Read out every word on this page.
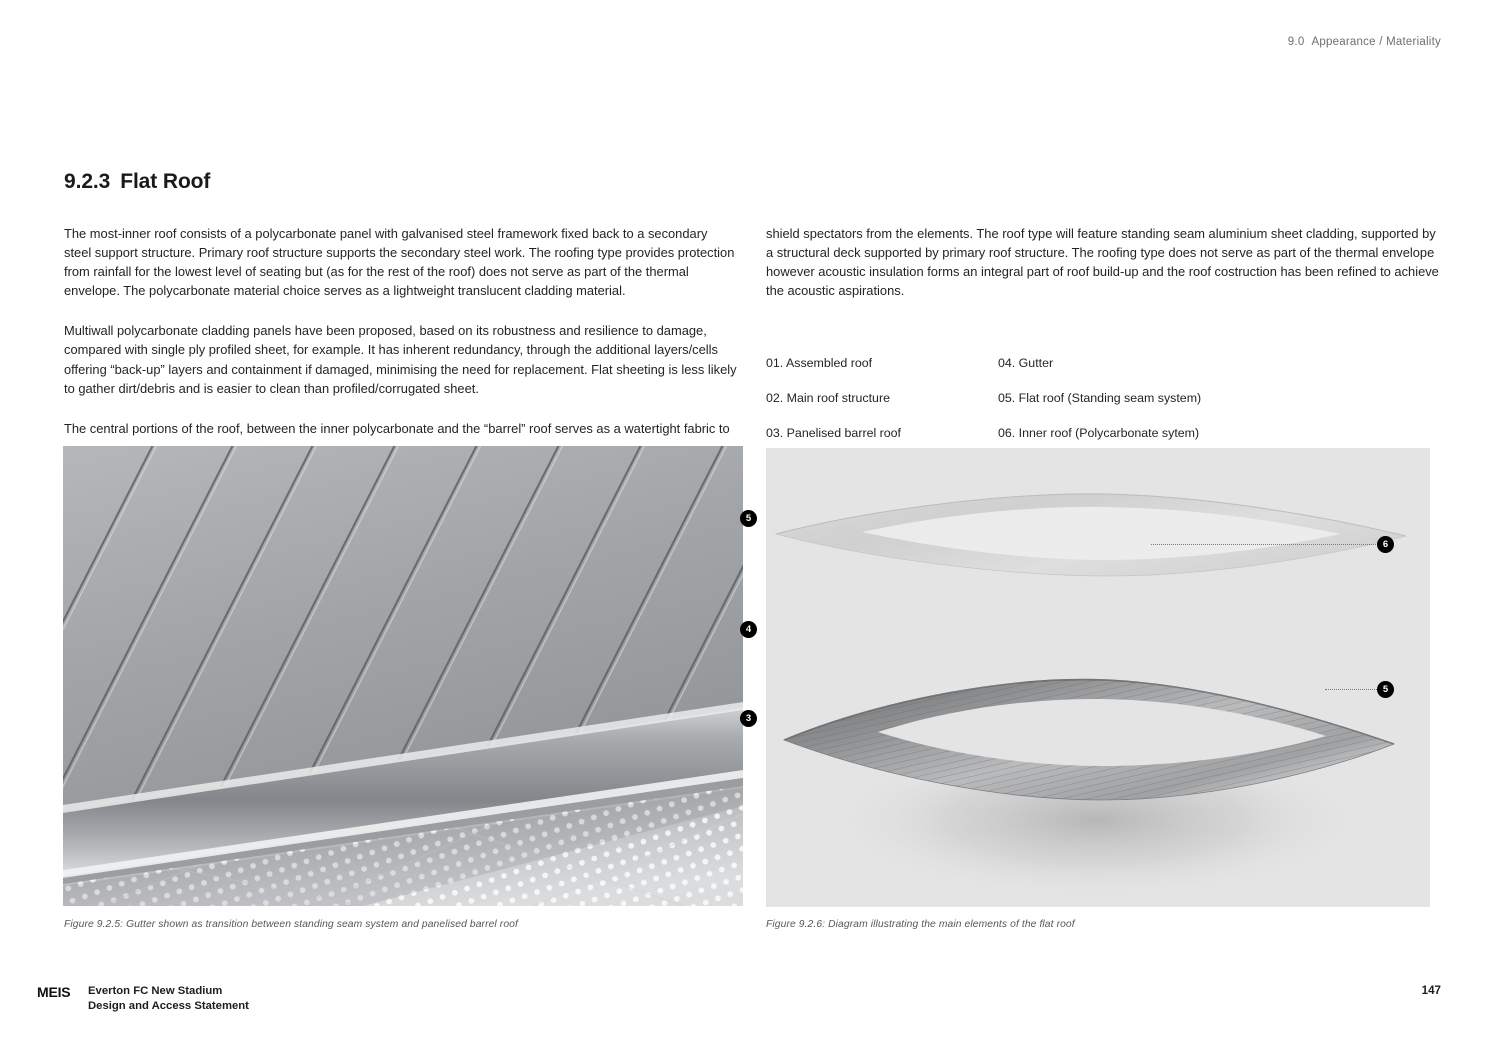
9.0 Appearance / Materiality
9.2.3 Flat Roof

The most-inner roof consists of a polycarbonate panel with galvanised steel framework fixed back to a secondary steel support structure. Primary roof structure supports the secondary steel work. The roofing type provides protection from rainfall for the lowest level of seating but (as for the rest of the roof) does not serve as part of the thermal envelope. The polycarbonate material choice serves as a lightweight translucent cladding material.

Multiwall polycarbonate cladding panels have been proposed, based on its robustness and resilience to damage, compared with single ply profiled sheet, for example. It has inherent redundancy, through the additional layers/cells offering “back-up” layers and containment if damaged, minimising the need for replacement. Flat sheeting is less likely to gather dirt/debris and is easier to clean than profiled/corrugated sheet.

The central portions of the roof, between the inner polycarbonate and the “barrel” roof serves as a watertight fabric to

shield spectators from the elements. The roof type will feature standing seam aluminium sheet cladding, supported by a structural deck supported by primary roof structure. The roofing type does not serve as part of the thermal envelope however acoustic insulation forms an integral part of roof build-up and the roof costruction has been refined to achieve the acoustic aspirations.

01. Assembled roof	04. Gutter
02. Main roof structure	05. Flat roof (Standing seam system)
03. Panelised barrel roof	06. Inner roof (Polycarbonate sytem)
5
4
3
6
5
Figure 9.2.5: Gutter shown as transition between standing seam system and panelised barrel roof	Figure 9.2.6: Diagram illustrating the main elements of the flat roof
MEIS Everton FC New Stadium
Design and Access Statement
147
